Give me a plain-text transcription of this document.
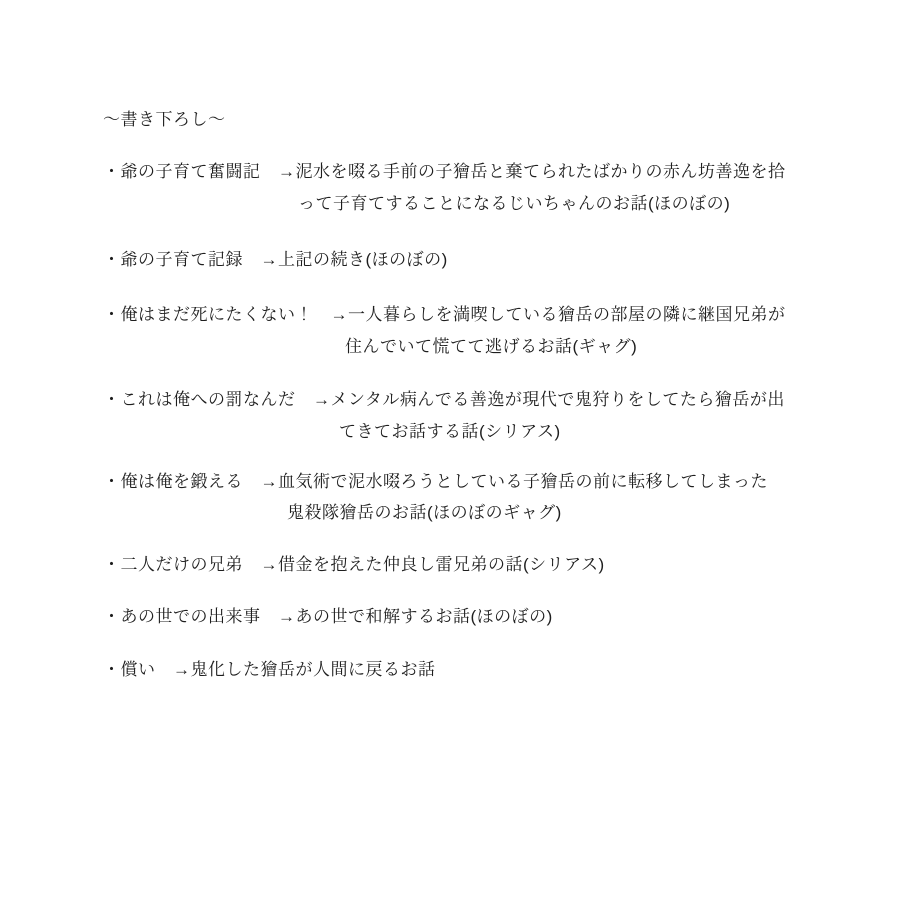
～書き下ろし～
・爺の子育て奮闘記　→泥水を啜る手前の子獪岳と棄てられたばかりの赤ん坊善逸を拾
って子育てすることになるじいちゃんのお話(ほのぼの)
・爺の子育て記録　→上記の続き(ほのぼの)
・俺はまだ死にたくない！　→一人暮らしを満喫している獪岳の部屋の隣に継国兄弟が
住んでいて慌てて逃げるお話(ギャグ)
・これは俺への罰なんだ　→メンタル病んでる善逸が現代で鬼狩りをしてたら獪岳が出
てきてお話する話(シリアス)
・俺は俺を鍛える　→血気術で泥水啜ろうとしている子獪岳の前に転移してしまった
鬼殺隊獪岳のお話(ほのぼのギャグ)
・二人だけの兄弟　→借金を抱えた仲良し雷兄弟の話(シリアス)
・あの世での出来事　→あの世で和解するお話(ほのぼの)
・償い　→鬼化した獪岳が人間に戻るお話
